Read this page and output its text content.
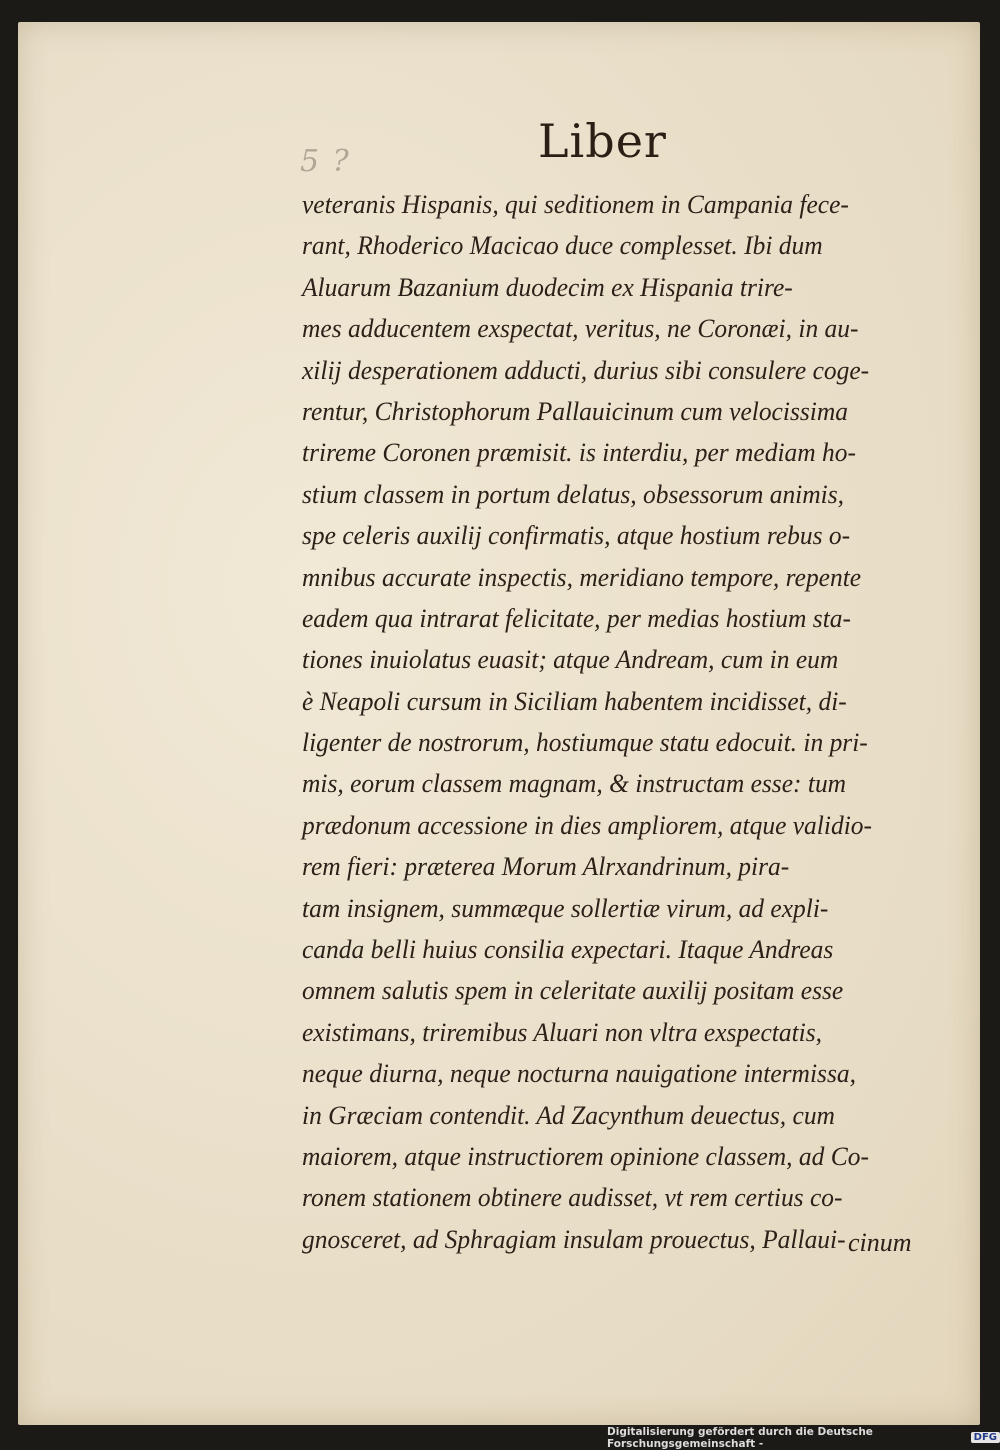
5 ?	Liber
veteranis Hispanis, qui seditionem in Campania fece-
rant, Rhoderico Macicao duce complesset. Ibi dum
Aluarum Bazanium duodecim ex Hispania trire-
mes adducentem exspectat, veritus, ne Coronæi, in au-
xilij desperationem adducti, durius sibi consulere coge-
rentur, Christophorum Pallauicinum cum velocissima
trireme Coronen præmisit. is interdiu, per mediam ho-
stium classem in portum delatus, obsessorum animis,
spe celeris auxilij confirmatis, atque hostium rebus o-
mnibus accurate inspectis, meridiano tempore, repente
eadem qua intrarat felicitate, per medias hostium sta-
tiones inuiolatus euasit; atque Andream, cum in eum
è Neapoli cursum in Siciliam habentem incidisset, di-
ligenter de nostrorum, hostiumque statu edocuit. in pri-
mis, eorum classem magnam, & instructam esse: tum
prædonum accessione in dies ampliorem, atque validio-
rem fieri: præterea Morum Alrxandrinum, pira-
tam insignem, summæque sollertiæ virum, ad expli-
canda belli huius consilia expectari. Itaque Andreas
omnem salutis spem in celeritate auxilij positam esse
existimans, triremibus Aluari non vltra exspectatis,
neque diurna, neque nocturna nauigatione intermissa,
in Græciam contendit. Ad Zacynthum deuectus, cum
maiorem, atque instructiorem opinione classem, ad Co-
ronem stationem obtinere audisset, vt rem certius co-
gnosceret, ad Sphragiam insulam prouectus, Pallaui- cinum
Digitalisierung gefördert durch die Deutsche Forschungsgemeinschaft -	DFG
